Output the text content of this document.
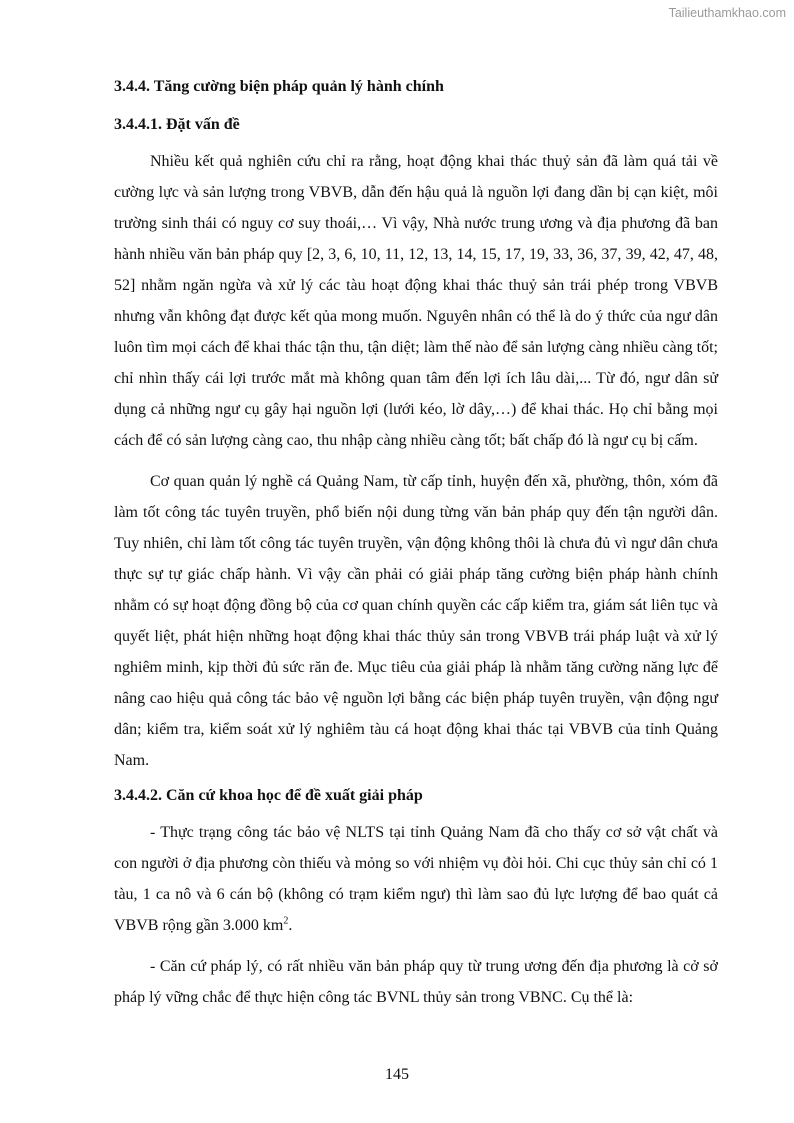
Tailieuthamkhao.com
3.4.4. Tăng cường biện pháp quản lý hành chính
3.4.4.1. Đặt vấn đề

Nhiều kết quả nghiên cứu chỉ ra rằng, hoạt động khai thác thuỷ sản đã làm quá tải về cường lực và sản lượng trong VBVB, dẫn đến hậu quả là nguồn lợi đang dần bị cạn kiệt, môi trường sinh thái có nguy cơ suy thoái,… Vì vậy, Nhà nước trung ương và địa phương đã ban hành nhiều văn bản pháp quy [2, 3, 6, 10, 11, 12, 13, 14, 15, 17, 19, 33, 36, 37, 39, 42, 47, 48, 52] nhằm ngăn ngừa và xử lý các tàu hoạt động khai thác thuỷ sản trái phép trong VBVB nhưng vẫn không đạt được kết qủa mong muốn. Nguyên nhân có thể là do ý thức của ngư dân luôn tìm mọi cách để khai thác tận thu, tận diệt; làm thế nào để sản lượng càng nhiều càng tốt; chỉ nhìn thấy cái lợi trước mắt mà không quan tâm đến lợi ích lâu dài,... Từ đó, ngư dân sử dụng cả những ngư cụ gây hại nguồn lợi (lưới kéo, lờ dây,…) để khai thác. Họ chỉ bằng mọi cách để có sản lượng càng cao, thu nhập càng nhiều càng tốt; bất chấp đó là ngư cụ bị cấm.

Cơ quan quản lý nghề cá Quảng Nam, từ cấp tỉnh, huyện đến xã, phường, thôn, xóm đã làm tốt công tác tuyên truyền, phổ biến nội dung từng văn bản pháp quy đến tận người dân. Tuy nhiên, chỉ làm tốt công tác tuyên truyền, vận động không thôi là chưa đủ vì ngư dân chưa thực sự tự giác chấp hành. Vì vậy cần phải có giải pháp tăng cường biện pháp hành chính nhằm có sự hoạt động đồng bộ của cơ quan chính quyền các cấp kiểm tra, giám sát liên tục và quyết liệt, phát hiện những hoạt động khai thác thủy sản trong VBVB trái pháp luật và xử lý nghiêm minh, kịp thời đủ sức răn đe. Mục tiêu của giải pháp là nhằm tăng cường năng lực để nâng cao hiệu quả công tác bảo vệ nguồn lợi bằng các biện pháp tuyên truyền, vận động ngư dân; kiểm tra, kiểm soát xử lý nghiêm tàu cá hoạt động khai thác tại VBVB của tỉnh Quảng Nam.

3.4.4.2. Căn cứ khoa học để đề xuất giải pháp

- Thực trạng công tác bảo vệ NLTS tại tỉnh Quảng Nam đã cho thấy cơ sở vật chất và con người ở địa phương còn thiếu và mỏng so với nhiệm vụ đòi hỏi. Chi cục thủy sản chỉ có 1 tàu, 1 ca nô và 6 cán bộ (không có trạm kiểm ngư) thì làm sao đủ lực lượng để bao quát cả VBVB rộng gần 3.000 $km^2$.

- Căn cứ pháp lý, có rất nhiều văn bản pháp quy từ trung ương đến địa phương là cở sở pháp lý vững chắc để thực hiện công tác BVNL thủy sản trong VBNC. Cụ thể là:

145
